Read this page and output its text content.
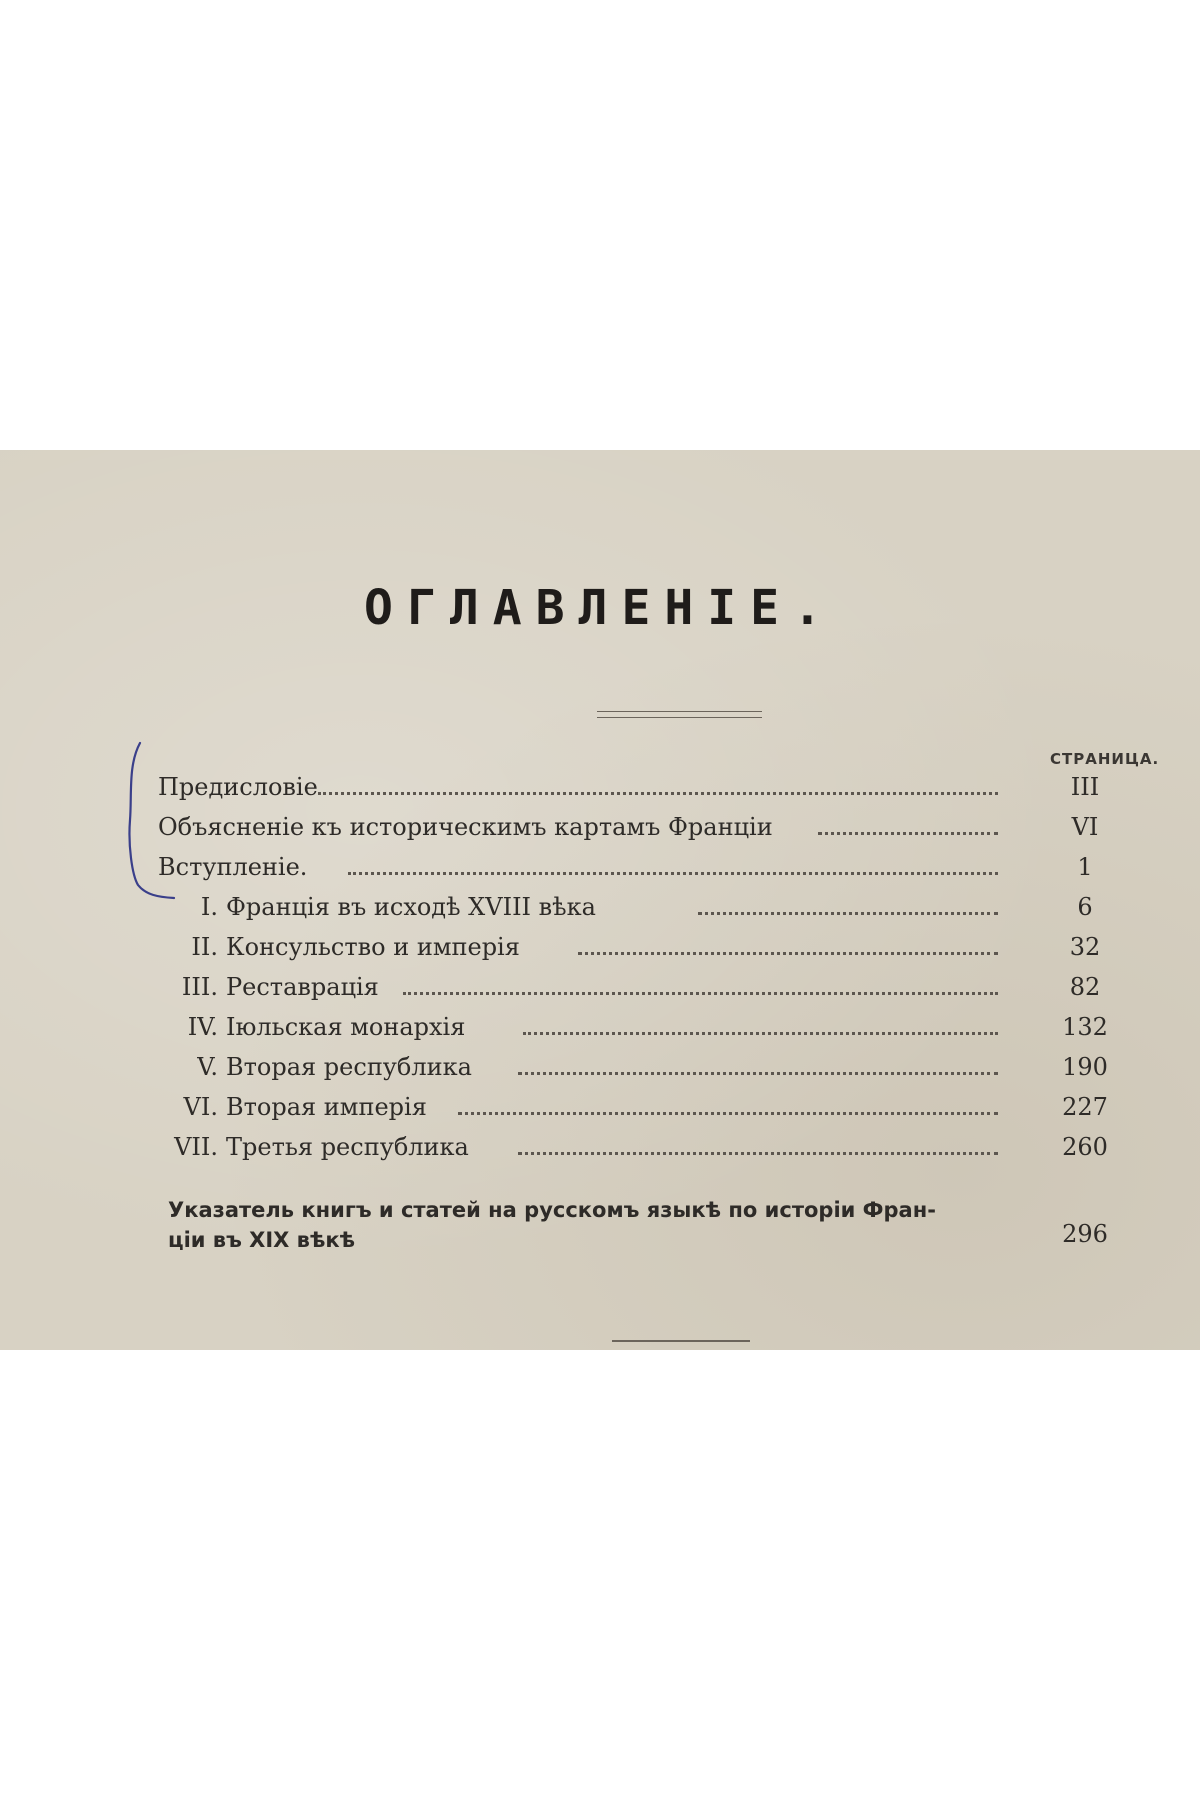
ОГЛАВЛЕНІЕ.
СТРАНИЦА.
Предисловіе	III
Объясненіе къ историческимъ картамъ Франціи	VI
Вступленіе.	1
I. Франція въ исходѣ XVIII вѣка	6
II. Консульство и имперія	32
III. Реставрація	82
IV. Іюльская монархія	132
V. Вторая республика	190
VI. Вторая имперія	227
VII. Третья республика	260
Указатель книгъ и статей на русскомъ языкѣ по исторіи Фран-
ціи въ XIX вѣкѣ	296
